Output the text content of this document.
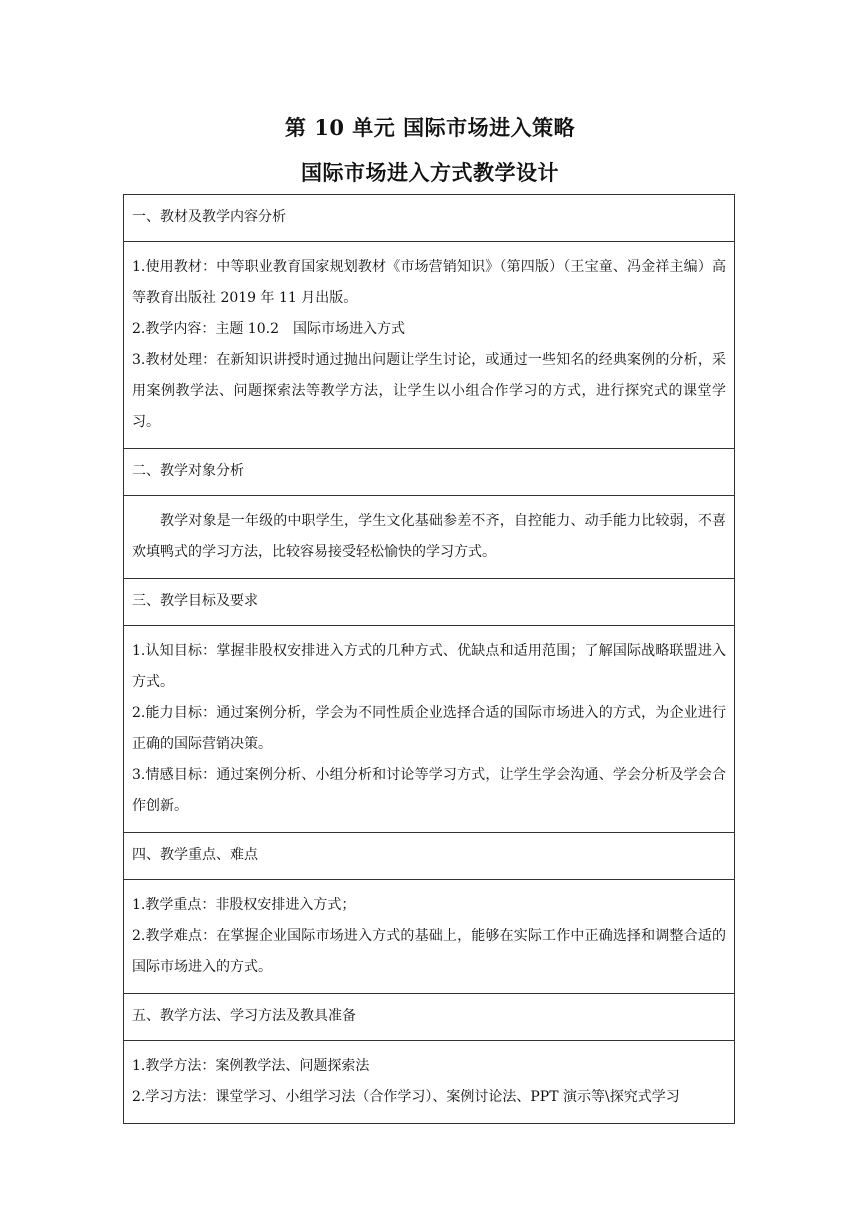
第 10 单元 国际市场进入策略
国际市场进入方式教学设计
一、教材及教学内容分析

1.使用教材：中等职业教育国家规划教材《市场营销知识》（第四版）（王宝童、冯金祥主编）高等教育出版社 2019 年 11 月出版。

2.教学内容：主题 10.2　国际市场进入方式

3.教材处理：在新知识讲授时通过抛出问题让学生讨论，或通过一些知名的经典案例的分析，采用案例教学法、问题探索法等教学方法，让学生以小组合作学习的方式，进行探究式的课堂学习。

二、教学对象分析

教学对象是一年级的中职学生，学生文化基础参差不齐，自控能力、动手能力比较弱，不喜欢填鸭式的学习方法，比较容易接受轻松愉快的学习方式。

三、教学目标及要求

1.认知目标：掌握非股权安排进入方式的几种方式、优缺点和适用范围；了解国际战略联盟进入方式。

2.能力目标：通过案例分析，学会为不同性质企业选择合适的国际市场进入的方式，为企业进行正确的国际营销决策。

3.情感目标：通过案例分析、小组分析和讨论等学习方式，让学生学会沟通、学会分析及学会合作创新。

四、教学重点、难点

1.教学重点：非股权安排进入方式；

2.教学难点：在掌握企业国际市场进入方式的基础上，能够在实际工作中正确选择和调整合适的国际市场进入的方式。

五、教学方法、学习方法及教具准备

1.教学方法：案例教学法、问题探索法

2.学习方法：课堂学习、小组学习法（合作学习）、案例讨论法、PPT 演示等\探究式学习
